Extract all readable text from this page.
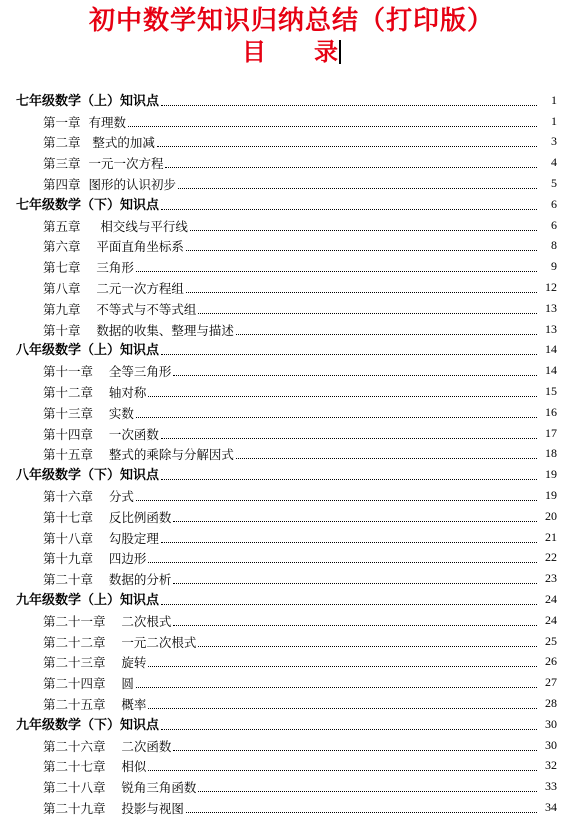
初中数学知识归纳总结（打印版）
目 录
七年级数学（上）知识点	1
第一章  有理数	1
第二章   整式的加减	3
第三章  一元一次方程	4
第四章  图形的认识初步	5
七年级数学（下）知识点	6
第五章     相交线与平行线	6
第六章    平面直角坐标系	8
第七章    三角形	9
第八章    二元一次方程组	12
第九章    不等式与不等式组	13
第十章    数据的收集、整理与描述	13
八年级数学（上）知识点	14
第十一章    全等三角形	14
第十二章    轴对称	15
第十三章    实数	16
第十四章    一次函数	17
第十五章    整式的乘除与分解因式	18
八年级数学（下）知识点	19
第十六章    分式	19
第十七章    反比例函数	20
第十八章    勾股定理	21
第十九章    四边形	22
第二十章    数据的分析	23
九年级数学（上）知识点	24
第二十一章    二次根式	24
第二十二章    一元二次根式	25
第二十三章    旋转	26
第二十四章    圆	27
第二十五章    概率	28
九年级数学（下）知识点	30
第二十六章    二次函数	30
第二十七章    相似	32
第二十八章    锐角三角函数	33
第二十九章    投影与视图	34
